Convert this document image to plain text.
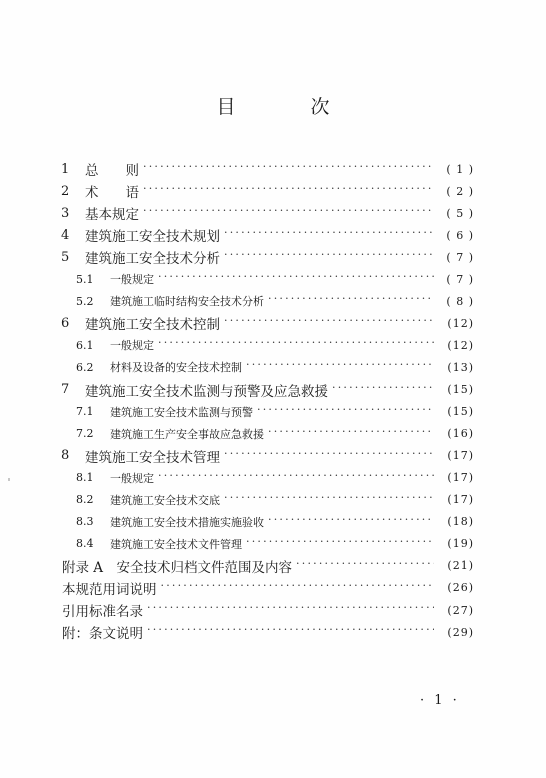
目　次
1	总　　则 ·····	( 1 )
2	术　　语 ·····	( 2 )
3	基本规定 ·····	( 5 )
4	建筑施工安全技术规划 ·····	( 6 )
5	建筑施工安全技术分析 ·····	( 7 )
5.1	一般规定 ·····	( 7 )
5.2	建筑施工临时结构安全技术分析 ·····	( 8 )
6	建筑施工安全技术控制 ·····	(12)
6.1	一般规定 ·····	(12)
6.2	材料及设备的安全技术控制 ·····	(13)
7	建筑施工安全技术监测与预警及应急救援 ·····	(15)
7.1	建筑施工安全技术监测与预警 ·····	(15)
7.2	建筑施工生产安全事故应急救援 ·····	(16)
8	建筑施工安全技术管理 ·····	(17)
8.1	一般规定 ·····	(17)
8.2	建筑施工安全技术交底 ·····	(17)
8.3	建筑施工安全技术措施实施验收 ·····	(18)
8.4	建筑施工安全技术文件管理 ·····	(19)
附录 A　安全技术归档文件范围及内容 ·····	(21)
本规范用词说明 ·····	(26)
引用标准名录 ·····	(27)
附：条文说明 ·····	(29)
· 1 ·
